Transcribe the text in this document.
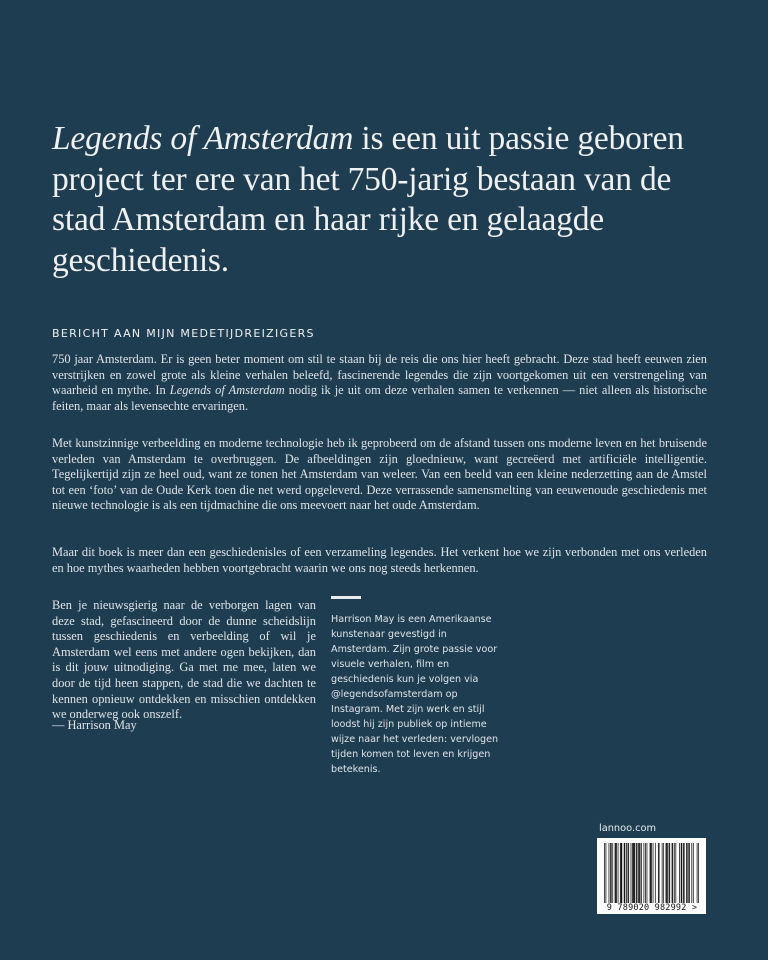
Legends of Amsterdam is een uit passie geboren project ter ere van het 750-jarig bestaan van de stad Amsterdam en haar rijke en gelaagde geschiedenis.
BERICHT AAN MIJN MEDETIJDREIZIGERS

750 jaar Amsterdam. Er is geen beter moment om stil te staan bij de reis die ons hier heeft gebracht. Deze stad heeft eeuwen zien verstrijken en zowel grote als kleine verhalen beleefd, fascinerende legendes die zijn voortgekomen uit een verstrengeling van waarheid en mythe. In Legends of Amsterdam nodig ik je uit om deze verhalen samen te verkennen — niet alleen als historische feiten, maar als levensechte ervaringen.

Met kunstzinnige verbeelding en moderne technologie heb ik geprobeerd om de afstand tussen ons moderne leven en het bruisende verleden van Amsterdam te overbruggen. De afbeeldingen zijn gloednieuw, want gecreëerd met artificiële intelligentie. Tegelijkertijd zijn ze heel oud, want ze tonen het Amsterdam van weleer. Van een beeld van een kleine nederzetting aan de Amstel tot een ‘foto’ van de Oude Kerk toen die net werd opgeleverd. Deze verrassende samensmelting van eeuwenoude geschiedenis met nieuwe technologie is als een tijdmachine die ons meevoert naar het oude Amsterdam.

Maar dit boek is meer dan een geschiedenisles of een verzameling legendes. Het verkent hoe we zijn verbonden met ons verleden en hoe mythes waarheden hebben voortgebracht waarin we ons nog steeds herkennen.

Ben je nieuwsgierig naar de verborgen lagen van deze stad, gefascineerd door de dunne scheidslijn tussen geschiedenis en verbeelding of wil je Amsterdam wel eens met andere ogen bekijken, dan is dit jouw uitnodiging. Ga met me mee, laten we door de tijd heen stappen, de stad die we dachten te kennen opnieuw ontdekken en misschien ontdekken we onderweg ook onszelf.

— Harrison May

Harrison May is een Amerikaanse kunstenaar gevestigd in Amsterdam. Zijn grote passie voor visuele verhalen, film en geschiedenis kun je volgen via @legendsofamsterdam op Instagram. Met zijn werk en stijl loodst hij zijn publiek op intieme wijze naar het verleden: vervlogen tijden komen tot leven en krijgen betekenis.

lannoo.com
9 789020 982992 >
